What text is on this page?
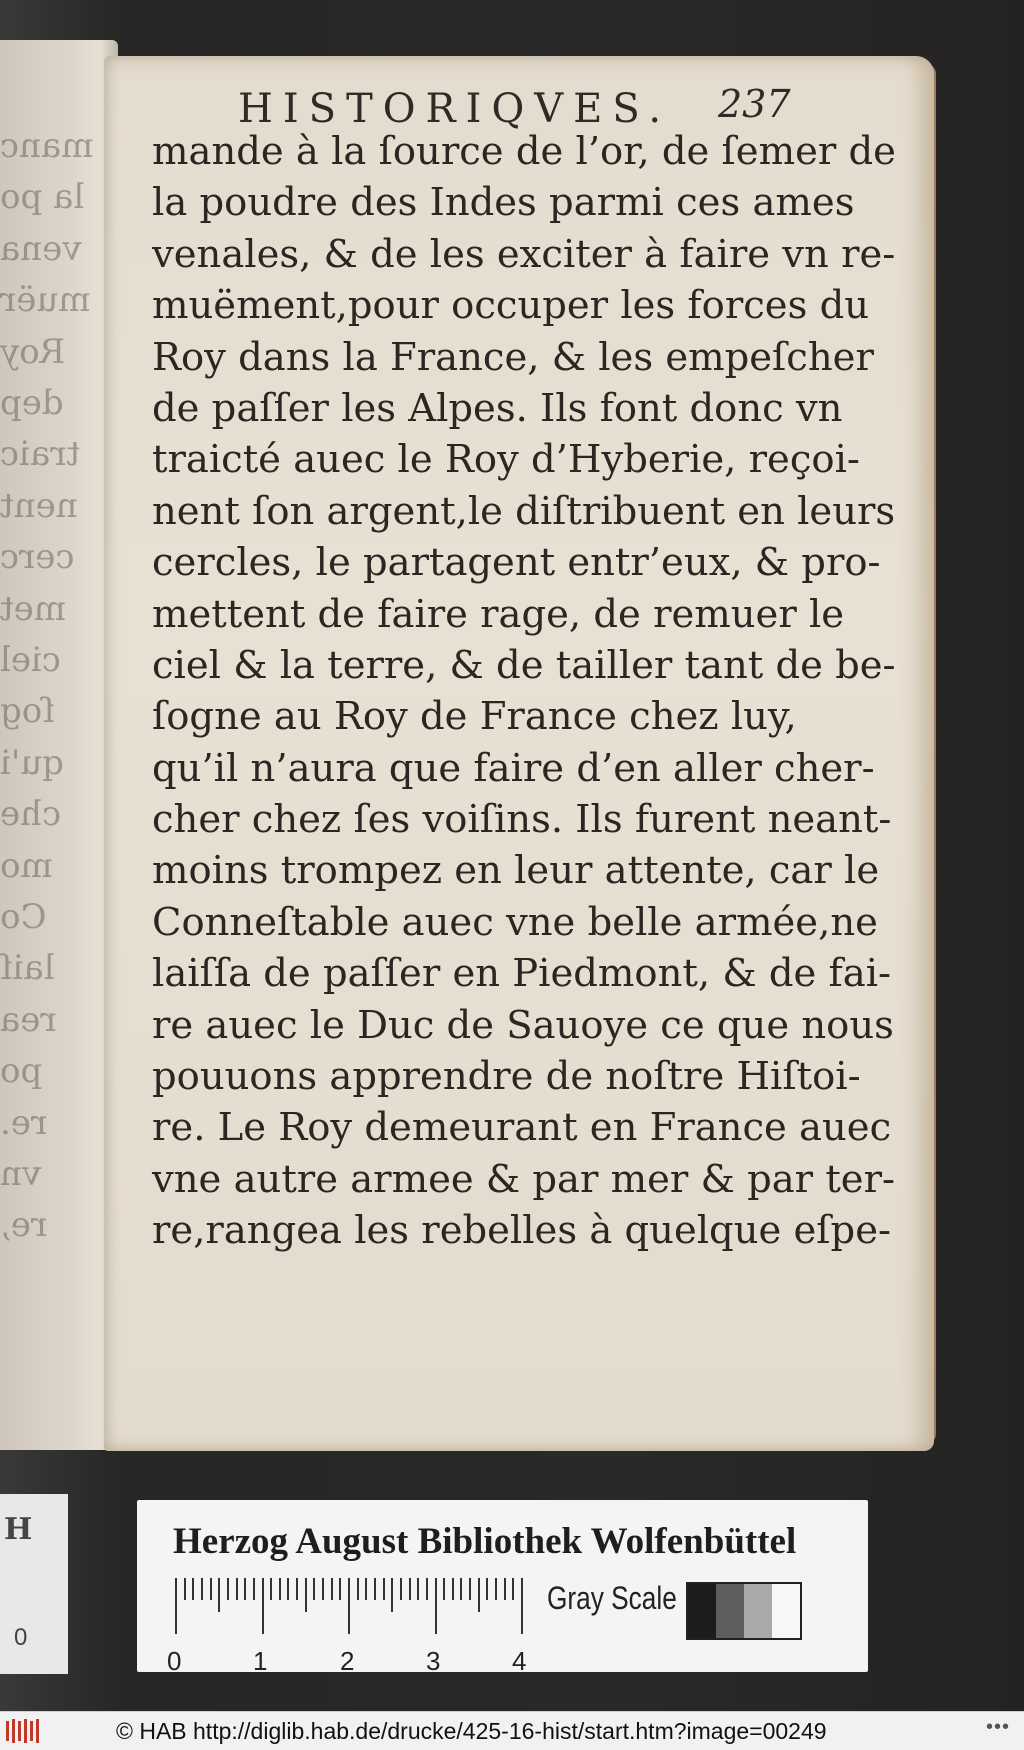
manc
la po
vena
muër
Roy
dep
traic
nent
cerc
met
ciel
ſog
qu'i
che
mo
Co
laiſ
rea
po
re.
vn
re,
H
0
HISTORIQVES. 237
mande à la ſource de l’or, de ſemer de
la poudre des Indes parmi ces ames
venales, & de les exciter à faire vn re-
muëment,pour occuper les forces du
Roy dans la France, & les empeſcher
de paſſer les Alpes. Ils font donc vn
traicté auec le Roy d’Hyberie, reçoi-
nent ſon argent,le diſtribuent en leurs
cercles, le partagent entr’eux, & pro-
mettent de faire rage, de remuer le
ciel & la terre, & de tailler tant de be-
ſogne au Roy de France chez luy,
qu’il n’aura que faire d’en aller cher-
cher chez ſes voiſins. Ils furent neant-
moins trompez en leur attente, car le
Conneſtable auec vne belle armée,ne
laiſſa de paſſer en Piedmont, & de fai-
re auec le Duc de Sauoye ce que nous
pouuons apprendre de noſtre Hiſtoi-
re. Le Roy demeurant en France auec
vne autre armee & par mer & par ter-
re,rangea les rebelles à quelque eſpe-
Herzog August Bibliothek Wolfenbüttel
0	1	2	3	4
Gray Scale
© HAB http://diglib.hab.de/drucke/425-16-hist/start.htm?image=00249	•••
